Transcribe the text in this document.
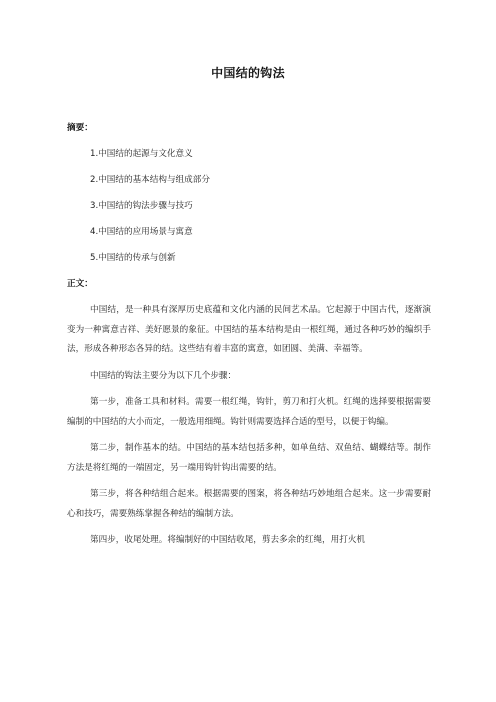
中国结的钩法
摘要：
1.中国结的起源与文化意义
2.中国结的基本结构与组成部分
3.中国结的钩法步骤与技巧
4.中国结的应用场景与寓意
5.中国结的传承与创新
正文：

中国结，是一种具有深厚历史底蕴和文化内涵的民间艺术品。它起源于中国古代，逐渐演变为一种寓意吉祥、美好愿景的象征。中国结的基本结构是由一根红绳，通过各种巧妙的编织手法，形成各种形态各异的结。这些结有着丰富的寓意，如团圆、美满、幸福等。

中国结的钩法主要分为以下几个步骤：

第一步，准备工具和材料。需要一根红绳，钩针，剪刀和打火机。红绳的选择要根据需要编制的中国结的大小而定，一般选用细绳。钩针则需要选择合适的型号，以便于钩编。

第二步，制作基本的结。中国结的基本结包括多种，如单鱼结、双鱼结、蝴蝶结等。制作方法是将红绳的一端固定，另一端用钩针钩出需要的结。

第三步，将各种结组合起来。根据需要的图案，将各种结巧妙地组合起来。这一步需要耐心和技巧，需要熟练掌握各种结的编制方法。

第四步，收尾处理。将编制好的中国结收尾，剪去多余的红绳，用打火机
